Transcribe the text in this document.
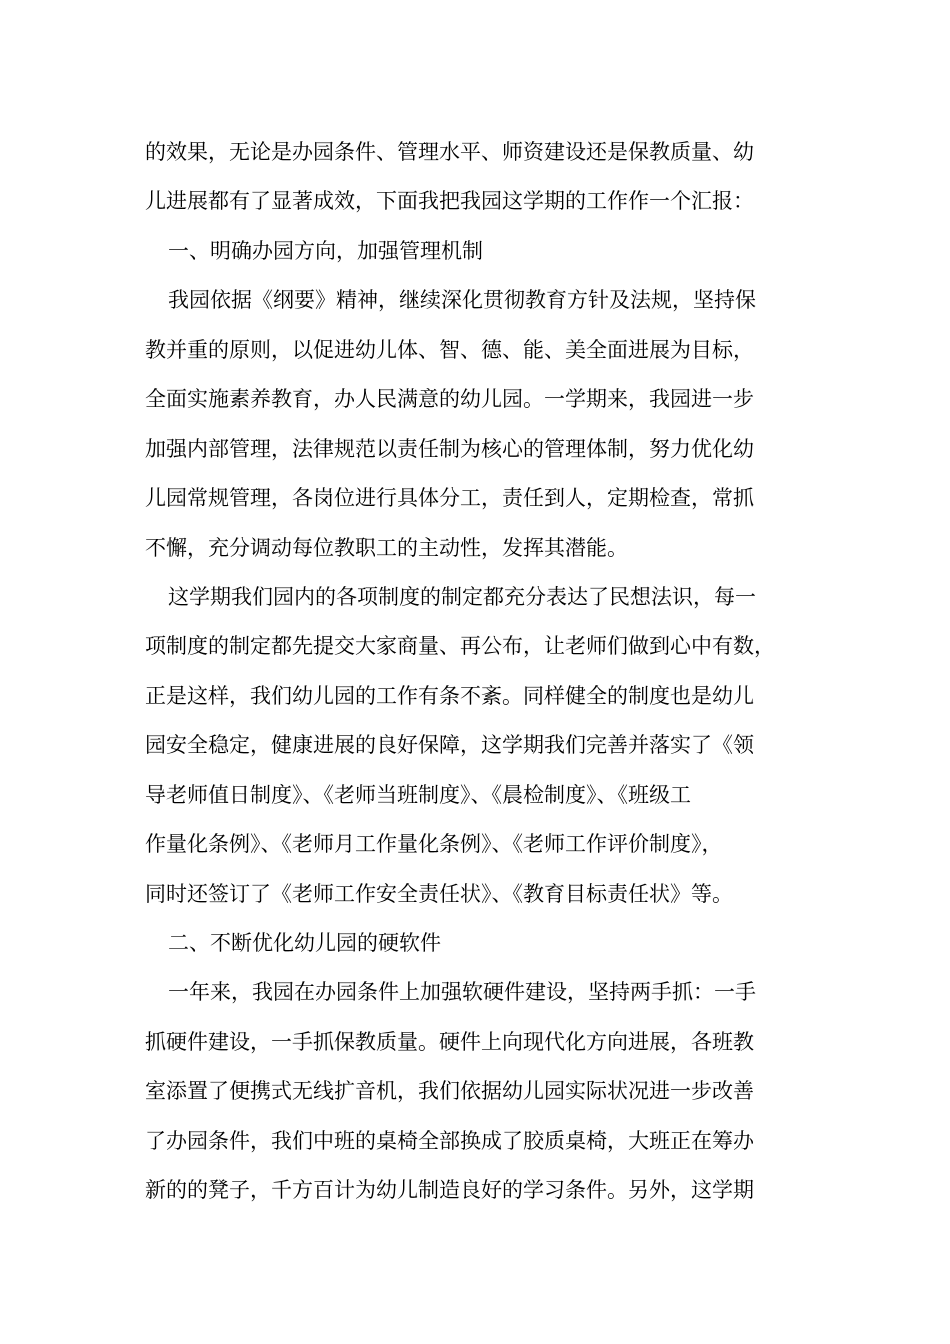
的效果，无论是办园条件、管理水平、师资建设还是保教质量、幼
儿进展都有了显著成效，下面我把我园这学期的工作作一个汇报：
一、明确办园方向，加强管理机制
我园依据《纲要》精神，继续深化贯彻教育方针及法规，坚持保
教并重的原则，以促进幼儿体、智、德、能、美全面进展为目标，
全面实施素养教育，办人民满意的幼儿园。一学期来，我园进一步
加强内部管理，法律规范以责任制为核心的管理体制，努力优化幼
儿园常规管理，各岗位进行具体分工，责任到人，定期检查，常抓
不懈，充分调动每位教职工的主动性，发挥其潜能。
这学期我们园内的各项制度的制定都充分表达了民想法识，每一
项制度的制定都先提交大家商量、再公布，让老师们做到心中有数，
正是这样，我们幼儿园的工作有条不紊。同样健全的制度也是幼儿
园安全稳定，健康进展的良好保障，这学期我们完善并落实了《领
导老师值日制度》、《老师当班制度》、《晨检制度》、《班级工
作量化条例》、《老师月工作量化条例》、《老师工作评价制度》，
同时还签订了《老师工作安全责任状》、《教育目标责任状》等。
二、不断优化幼儿园的硬软件
一年来，我园在办园条件上加强软硬件建设，坚持两手抓：一手
抓硬件建设，一手抓保教质量。硬件上向现代化方向进展，各班教
室添置了便携式无线扩音机，我们依据幼儿园实际状况进一步改善
了办园条件，我们中班的桌椅全部换成了胶质桌椅，大班正在筹办
新的的凳子，千方百计为幼儿制造良好的学习条件。另外，这学期
